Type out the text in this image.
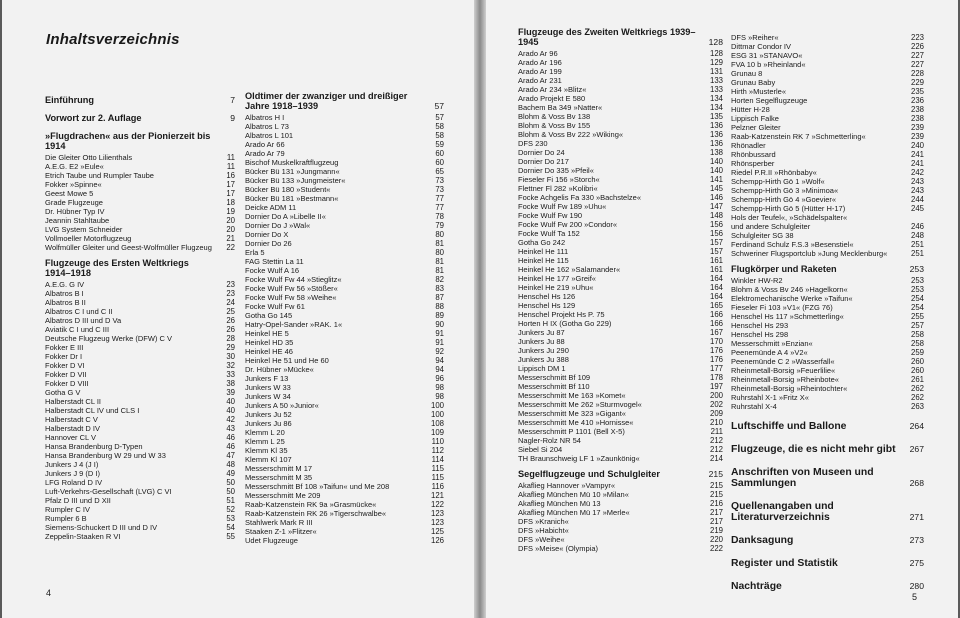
Inhaltsverzeichnis
Einführung	7
Vorwort zur 2. Auflage	9
»Flugdrachen« aus der Pionierzeit bis 1914
Die Gleiter Otto Lilienthals	11
A.E.G. E2 »Eule«	11
Etrich Taube und Rumpler Taube	16
Fokker »Spinne«	17
Geest Mowe 5	17
Grade Flugzeuge	18
Dr. Hübner Typ IV	19
Jeannin Stahltaube	20
LVG System Schneider	20
Vollmoeller Motorflugzeug	21
Wolfmüller Gleiter und Geest-Wolfmüller Flugzeug 22
Flugzeuge des Ersten Weltkriegs 1914–1918
A.E.G. G IV	23
Albatros B I	23
Albatros B II	24
Albatros C I und C II	25
Albatros D III und D Va	26
Aviatik C I und C III	26
Deutsche Flugzeug Werke (DFW) C V	28
Fokker E III	29
Fokker Dr I	30
Fokker D VI	32
Fokker D VII	33
Fokker D VIII	38
Gotha G V	39
Halberstadt CL II	40
Halberstadt CL IV und CLS I	40
Halberstadt C V	42
Halberstadt D IV	43
Hannover CL V	46
Hansa Brandenburg D-Typen	46
Hansa Brandenburg W 29 und W 33	47
Junkers J 4 (J I)	48
Junkers J 9 (D I)	49
LFG Roland D IV	50
Luft-Verkehrs-Gesellschaft (LVG) C VI	50
Pfalz D III und D XII	51
Rumpler C IV	52
Rumpler 6 B	53
Siemens-Schuckert D III und D IV	54
Zeppelin-Staaken R VI	55
Oldtimer der zwanziger und dreißiger Jahre 1918–1939	57
Albatros H I	57
Albatros L 73	58
Albatros L 101	58
Arado Ar 66	59
Arado Ar 79	60
Bischof Muskelkraftflugzeug	60
Bücker Bü 131 »Jungmann«	65
Bücker Bü 133 »Jungmeister«	73
Bücker Bü 180 »Student«	73
Bücker Bü 181 »Bestmann«	77
Deicke ADM 11	77
Dornier Do A »Libelle II«	78
Dornier Do J »Wal«	79
Dornier Do X	80
Dornier Do 26	81
Erla 5	80
FAG Stettin La 11	81
Focke Wulf A 16	81
Focke Wulf Fw 44 »Stieglitz«	82
Focke Wulf Fw 56 »Stößer«	83
Focke Wulf Fw 58 »Weihe«	87
Focke Wulf Fw 61	88
Gotha Go 145	89
Hatry-Opel-Sander »RAK. 1«	90
Heinkel HE 5	91
Heinkel HD 35	91
Heinkel HE 46	92
Heinkel He 51 und He 60	94
Dr. Hübner »Mücke«	94
Junkers F 13	96
Junkers W 33	98
Junkers W 34	98
Junkers A 50 »Junior«	100
Junkers Ju 52	100
Junkers Ju 86	108
Klemm L 20	109
Klemm L 25	110
Klemm Kl 35	112
Klemm Kl 107	114
Messerschmitt M 17	115
Messerschmitt M 35	115
Messerschmitt Bf 108 »Taifun« und Me 208	116
Messerschmitt Me 209	121
Raab-Katzenstein RK 9a »Grasmücke«	122
Raab-Katzenstein RK 26 »Tigerschwalbe«	123
Stahlwerk Mark R III	123
Staaken Z-1 »Flitzer«	125
Udet Flugzeuge	126
4
Flugzeuge des Zweiten Weltkriegs 1939–1945	128
Arado Ar 96	128
Arado Ar 196	129
Arado Ar 199	131
Arado Ar 231	133
Arado Ar 234 »Blitz«	133
Arado Projekt E 580	134
Bachem Ba 349 »Natter«	134
Blohm & Voss Bv 138	135
Blohm & Voss Bv 155	136
Blohm & Voss Bv 222 »Wiking«	136
DFS 230	136
Dornier Do 24	138
Dornier Do 217	140
Dornier Do 335 »Pfeil«	140
Fieseler Fi 156 »Storch«	141
Flettner Fl 282 »Kolibri«	145
Focke Achgelis Fa 330 »Bachstelze«	146
Focke Wulf Fw 189 »Uhu«	147
Focke Wulf Fw 190	148
Focke Wulf Fw 200 »Condor«	156
Focke Wulf Ta 152	156
Gotha Go 242	157
Heinkel He 111	157
Heinkel He 115	161
Heinkel He 162 »Salamander«	161
Heinkel He 177 »Greif«	164
Heinkel He 219 »Uhu«	164
Henschel Hs 126	164
Henschel Hs 129	165
Henschel Projekt Hs P. 75	166
Horten H IX (Gotha Go 229)	166
Junkers Ju 87	167
Junkers Ju 88	170
Junkers Ju 290	176
Junkers Ju 388	176
Lippisch DM 1	177
Messerschmitt Bf 109	178
Messerschmitt Bf 110	197
Messerschmitt Me 163 »Komet«	200
Messerschmitt Me 262 »Sturmvogel«	202
Messerschmitt Me 323 »Gigant«	209
Messerschmitt Me 410 »Hornisse«	210
Messerschmitt P 1101 (Bell X-5)	211
Nagler-Rolz NR 54	212
Siebel Si 204	212
TH Braunschweig LF 1 »Zaunkönig«	214
Segelflugzeuge und Schulgleiter	215
Akaflieg Hannover »Vampyr«	215
Akaflieg München Mü 10 »Milan«	215
Akaflieg München Mü 13	216
Akaflieg München Mü 17 »Merle«	217
DFS »Kranich«	217
DFS »Habicht«	219
DFS »Weihe«	220
DFS »Meise« (Olympia)	222
DFS »Reiher«	223
Dittmar Condor IV	226
ESG 31 »STANAVO«	227
FVA 10 b »Rheinland«	227
Grunau 8	228
Grunau Baby	229
Hirth »Musterle«	235
Horten Segelflugzeuge	236
Hütter H-28	238
Lippisch Falke	238
Pelzner Gleiter	239
Raab-Katzenstein RK 7 »Schmetterling«	239
Rhönadler	240
Rhönbussard	241
Rhönsperber	241
Riedel P.R.II »Rhönbaby«	242
Schempp-Hirth Gö 1 »Wolf«	243
Schempp-Hirth Gö 3 »Minimoa«	243
Schempp-Hirth Gö 4 »Goevier«	244
Schempp-Hirth Gö 5 (Hütter H-17)	245
Hols der Teufel«, »Schädelspalter«
und andere Schulgleiter	246
Schulgleiter SG 38	248
Ferdinand Schulz F.S.3 »Besenstiel«	251
Schweriner Flugsportclub »Jung Mecklenburg«	251
Flugkörper und Raketen	253
Winkler HW-R2	253
Blohm & Voss Bv 246 »Hagelkorn«	253
Elektromechanische Werke »Taifun«	254
Fieseler Fi 103 »V1« (FZG 76)	254
Henschel Hs 117 »Schmetterling«	255
Henschel Hs 293	257
Henschel Hs 298	258
Messerschmitt »Enzian«	258
Peenemünde A 4 »V2«	259
Peenemünde C 2 »Wasserfall«	260
Rheinmetall-Borsig »Feuerlilie«	260
Rheinmetall-Borsig »Rheinbote«	261
Rheinmetall-Borsig »Rheintochter«	262
Ruhrstahl X-1 »Fritz X«	262
Ruhrstahl X-4	263
Luftschiffe und Ballone	264
Flugzeuge, die es nicht mehr gibt 267
Anschriften von Museen und Sammlungen	268
Quellenangaben und Literaturverzeichnis	271
Danksagung	273
Register und Statistik	275
Nachträge	280
5
